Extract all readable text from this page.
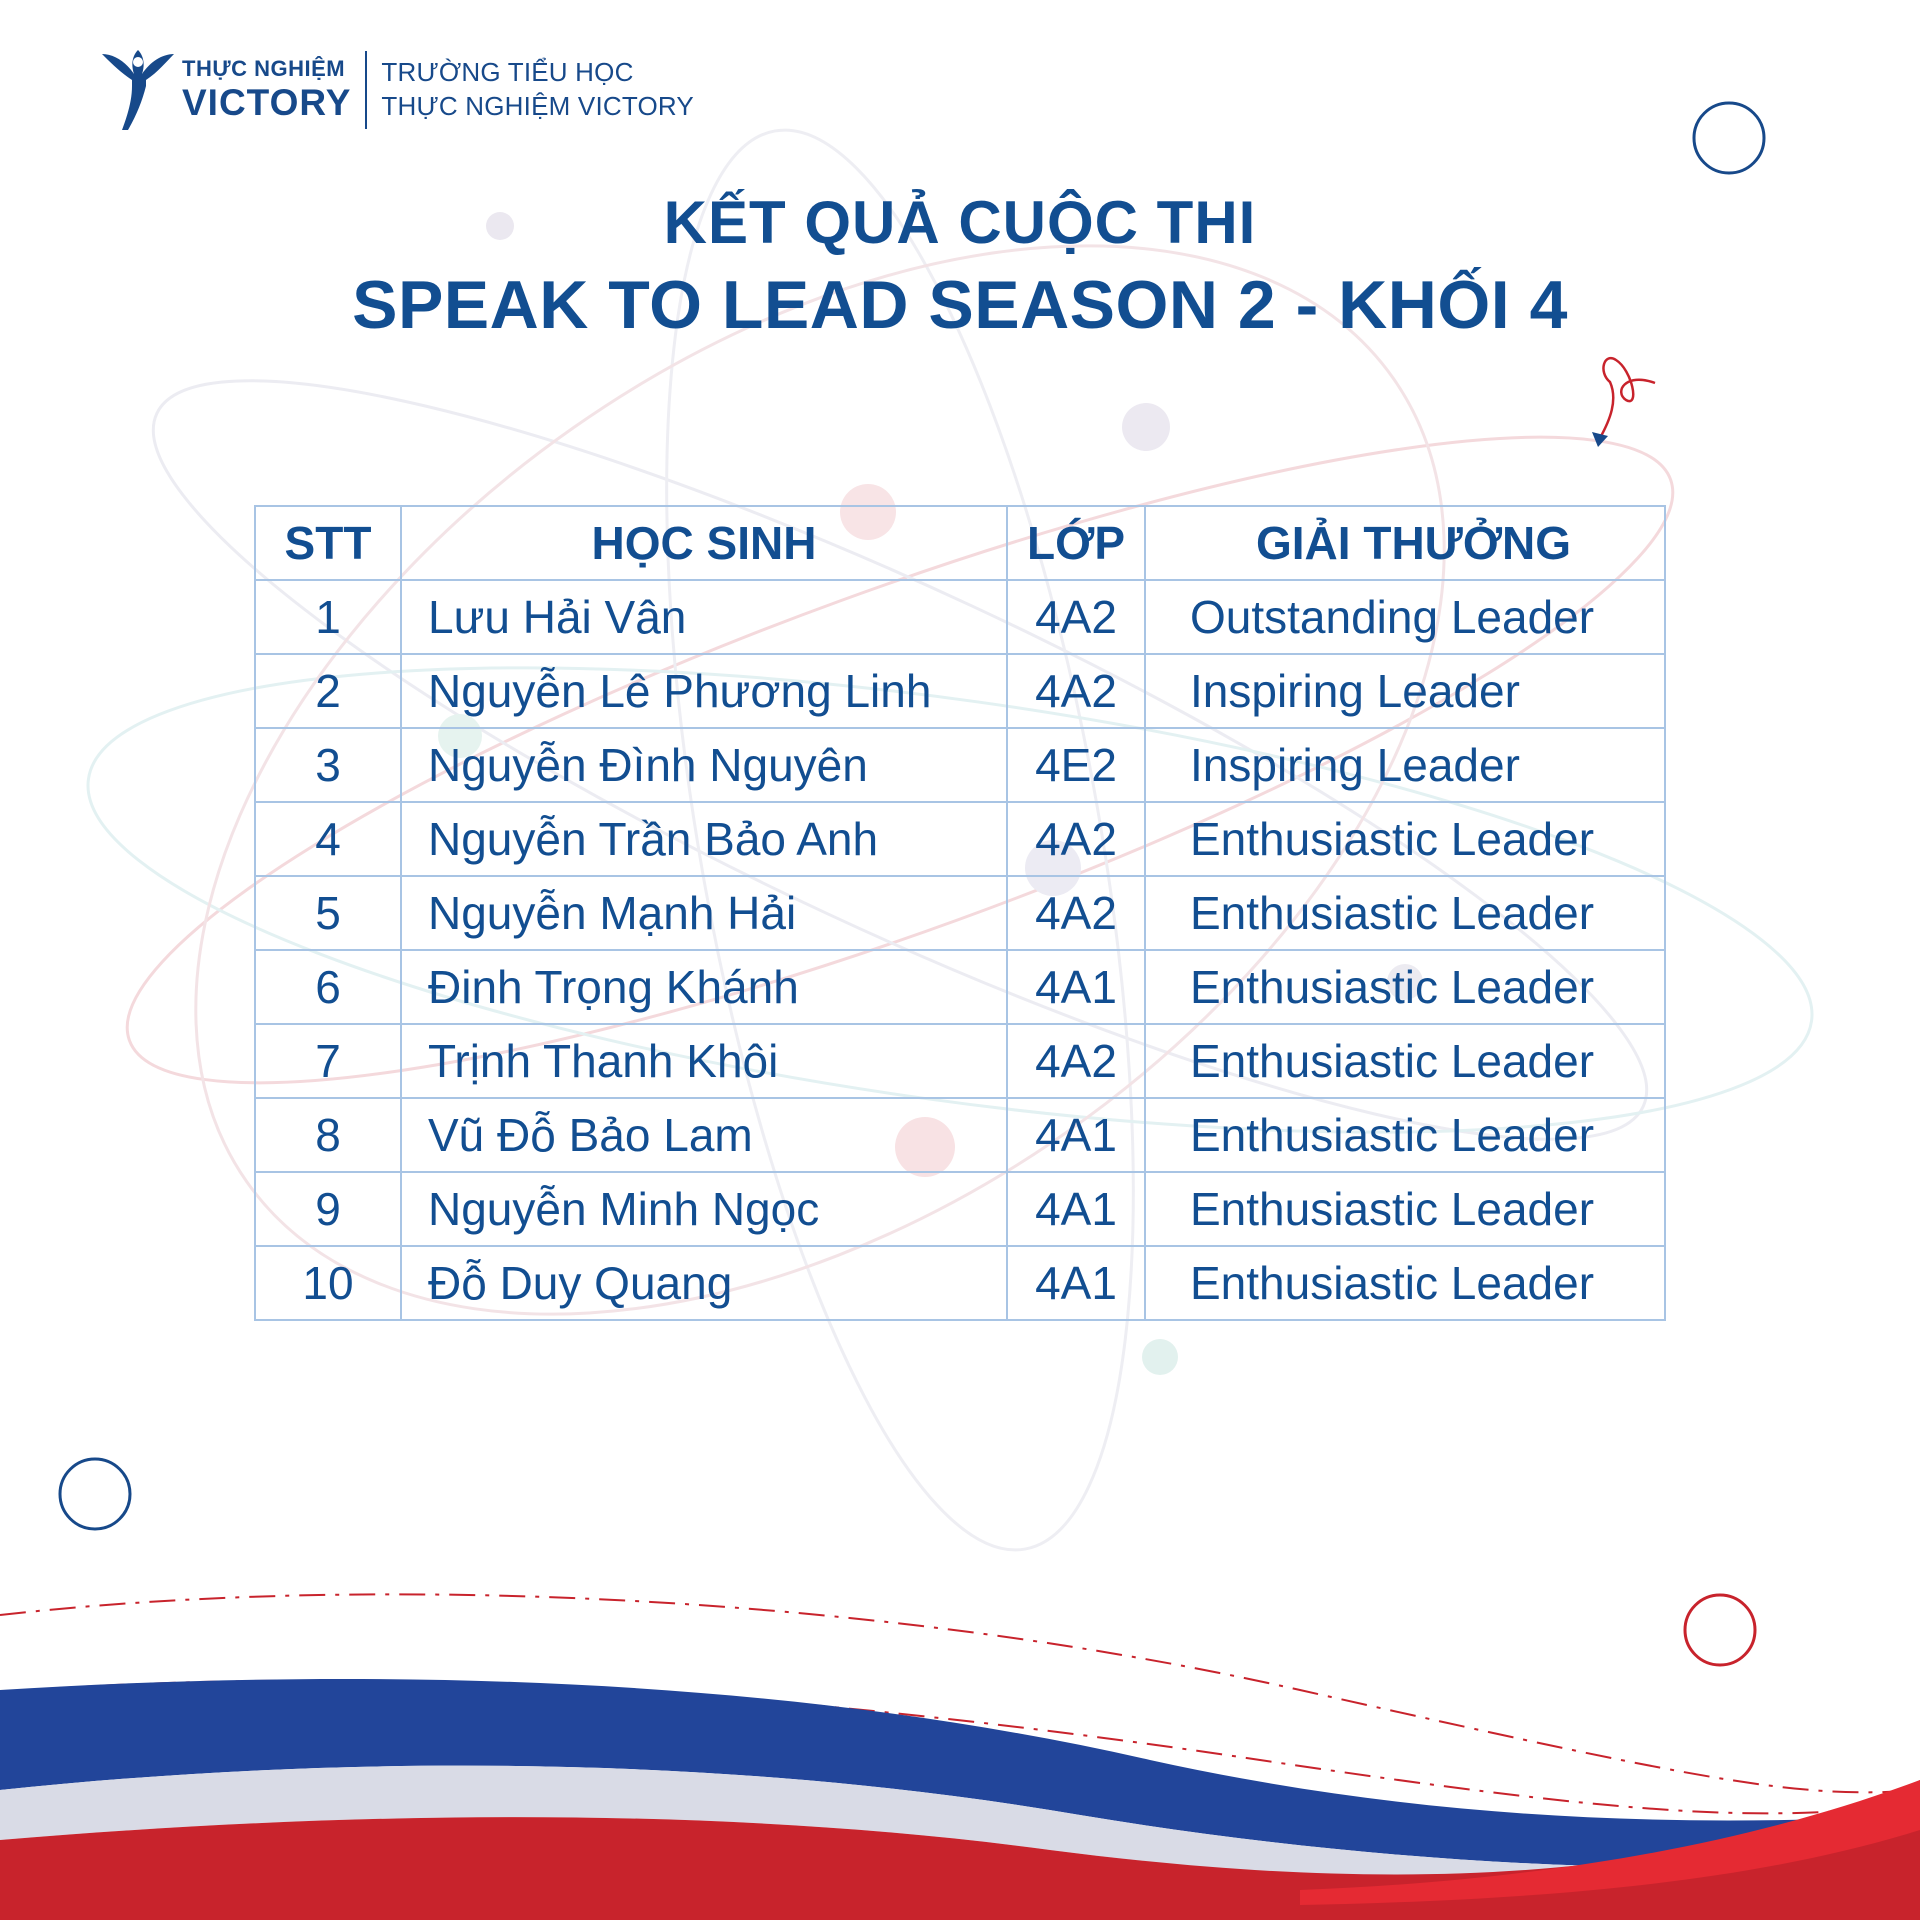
THỰC NGHIỆM
VICTORY
TRƯỜNG TIỂU HỌC
THỰC NGHIỆM VICTORY
KẾT QUẢ CUỘC THI
SPEAK TO LEAD SEASON 2 - KHỐI 4
STT	HỌC SINH	LỚP	GIẢI THƯỞNG
1	Lưu Hải Vân	4A2	Outstanding Leader
2	Nguyễn Lê Phương Linh	4A2	Inspiring Leader
3	Nguyễn Đình Nguyên	4E2	Inspiring Leader
4	Nguyễn Trần Bảo Anh	4A2	Enthusiastic Leader
5	Nguyễn Mạnh Hải	4A2	Enthusiastic Leader
6	Đinh Trọng Khánh	4A1	Enthusiastic Leader
7	Trịnh Thanh Khôi	4A2	Enthusiastic Leader
8	Vũ Đỗ Bảo Lam	4A1	Enthusiastic Leader
9	Nguyễn Minh Ngọc	4A1	Enthusiastic Leader
10	Đỗ Duy Quang	4A1	Enthusiastic Leader
